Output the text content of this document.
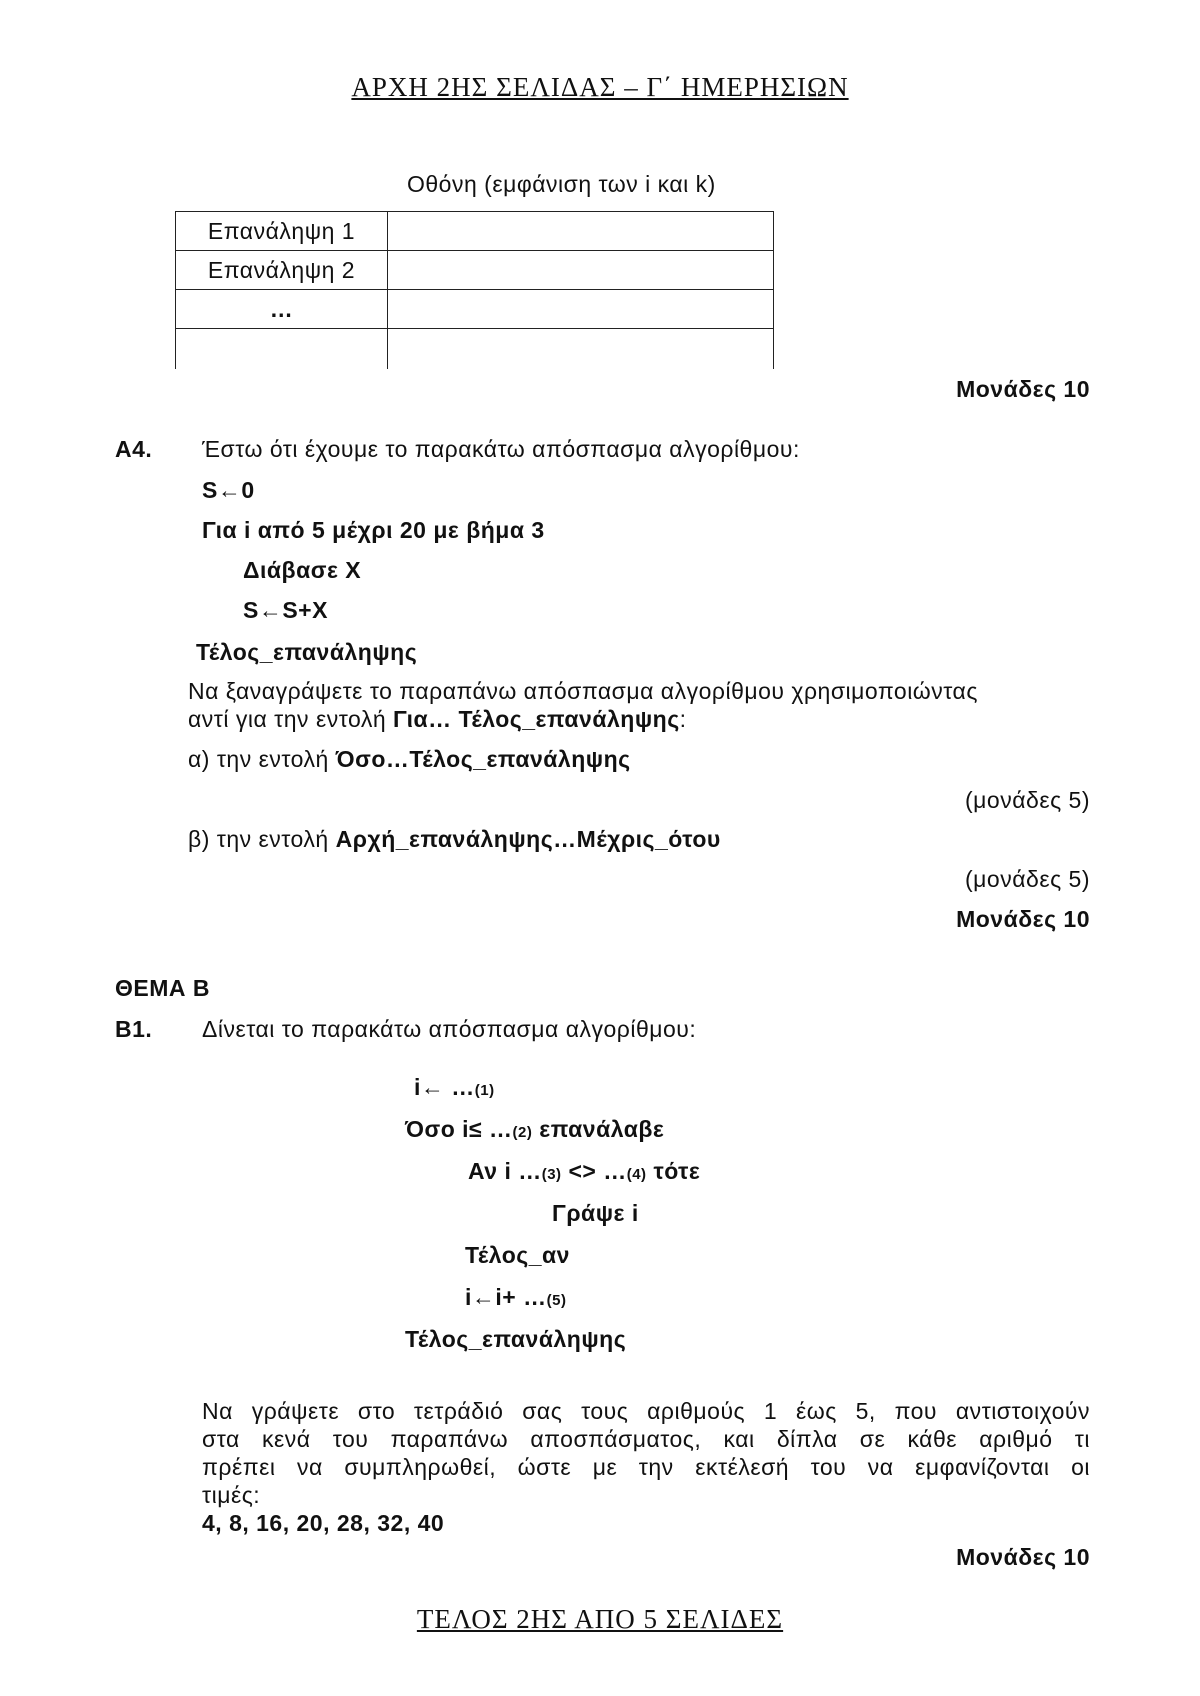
ΑΡΧΗ 2ΗΣ ΣΕΛΙΔΑΣ – Γ΄ ΗΜΕΡΗΣΙΩΝ
Οθόνη (εμφάνιση των i και k)
Επανάληψη 1	
Επανάληψη 2	
…	

Μονάδες 10
Α4. Έστω ότι έχουμε το παρακάτω απόσπασμα αλγορίθμου:
S←0
Για i από 5 μέχρι 20 με βήμα 3
Διάβασε X
S←S+X
Τέλος_επανάληψης
Να ξαναγράψετε το παραπάνω απόσπασμα αλγορίθμου χρησιμοποιώντας
αντί για την εντολή Για… Τέλος_επανάληψης:
α) την εντολή Όσο…Τέλος_επανάληψης
(μονάδες 5)
β) την εντολή Αρχή_επανάληψης…Μέχρις_ότου
(μονάδες 5)
Μονάδες 10
ΘΕΜΑ Β
Β1. Δίνεται το παρακάτω απόσπασμα αλγορίθμου:
i← …(1)
Όσο i≤ …(2) επανάλαβε
Αν i …(3) <> …(4) τότε
Γράψε i
Τέλος_αν
i←i+ …(5)
Τέλος_επανάληψης
Να γράψετε στο τετράδιό σας τους αριθμούς 1 έως 5, που αντιστοιχούν
στα κενά του παραπάνω αποσπάσματος, και δίπλα σε κάθε αριθμό τι
πρέπει να συμπληρωθεί, ώστε με την εκτέλεσή του να εμφανίζονται οι
τιμές:
4, 8, 16, 20, 28, 32, 40
Μονάδες 10
ΤΕΛΟΣ 2ΗΣ ΑΠΟ 5 ΣΕΛΙΔΕΣ
